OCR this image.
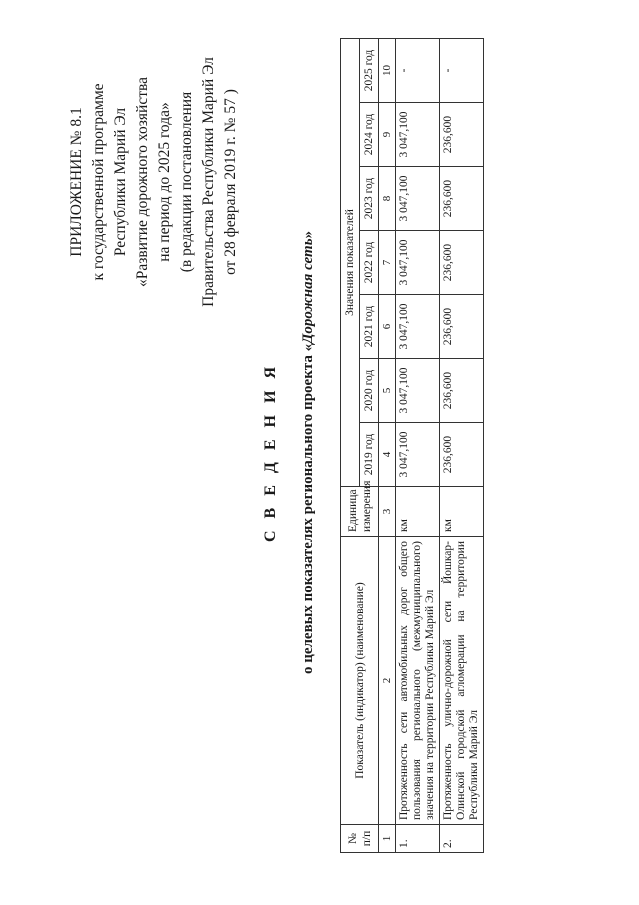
ПРИЛОЖЕНИЕ № 8.1 к государственной программе Республики Марий Эл «Развитие дорожного хозяйства на период до 2025 года» (в редакции постановления Правительства Республики Марий Эл от 28 февраля 2019 г. № 57 )
С В Е Д Е Н И Я о целевых показателях регионального проекта «Дорожная сеть»
№ п/п	Показатель (индикатор) (наименование)	Единица измерения	Значения показателей						
			2019 год	2020 год	2021 год	2022 год	2023 год	2024 год	2025 год
1	2	3	4	5	6	7	8	9	10
1.	Протяженность сети автомобильных дорог общего пользования регионального (межмуниципального) значения на территории Республики Марий Эл	км	3 047,100	3 047,100	3 047,100	3 047,100	3 047,100	3 047,100	-
2.	Протяженность улично-дорожной сети Йошкар-Олинской городской агломерации на территории Республики Марий Эл	км	236,600	236,600	236,600	236,600	236,600	236,600	-
